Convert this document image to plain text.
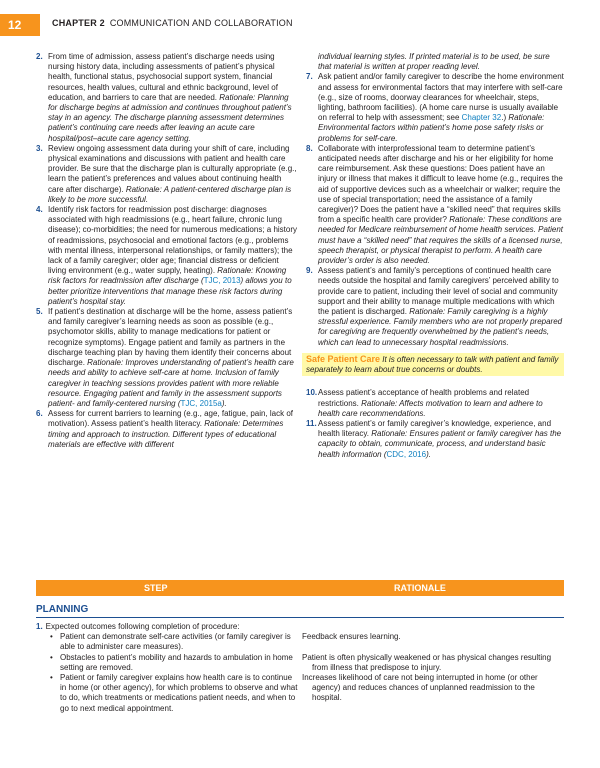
12	CHAPTER 2 COMMUNICATION AND COLLABORATION
2. From time of admission, assess patient’s discharge needs using nursing history data, including assessments of patient’s physical health, functional status, psychosocial support system, financial resources, health values, cultural and ethnic background, level of education, and barriers to care that are needed. Rationale: Planning for discharge begins at admission and continues throughout patient’s stay in an agency. The discharge planning assessment determines patient’s continuing care needs after leaving an acute care hospital/post–acute care agency setting.
3. Review ongoing assessment data during your shift of care, including physical examinations and discussions with patient and health care provider. Be sure that the discharge plan is culturally appropriate (e.g., learn the patient’s preferences and values about continuing health care after discharge). Rationale: A patient-centered discharge plan is likely to be more successful.
4. Identify risk factors for readmission post discharge: diagnoses associated with high readmissions (e.g., heart failure, chronic lung disease); co-morbidities; the need for numerous medications; a history of readmissions, psychosocial and emotional factors (e.g., problems with mental illness, interpersonal relationships, or family matters); the lack of a family caregiver; older age; financial distress or deficient living environment (e.g., water supply, heating). Rationale: Knowing risk factors for readmission after discharge (TJC, 2013) allows you to better prioritize interventions that manage these risk factors during patient’s hospital stay.
5. If patient’s destination at discharge will be the home, assess patient’s and family caregiver’s learning needs as soon as possible (e.g., psychomotor skills, ability to manage medications for patient or recognize symptoms). Engage patient and family as partners in the discharge teaching plan by having them identify their concerns about discharge. Rationale: Improves understanding of patient’s health care needs and ability to achieve self-care at home. Inclusion of family caregiver in teaching sessions provides patient with more reliable resource. Engaging patient and family in the assessment supports patient- and family-centered nursing (TJC, 2015a).
6. Assess for current barriers to learning (e.g., age, fatigue, pain, lack of motivation). Assess patient’s health literacy. Rationale: Determines timing and approach to instruction. Different types of educational materials are effective with different
individual learning styles. If printed material is to be used, be sure that material is written at proper reading level.
7. Ask patient and/or family caregiver to describe the home environment and assess for environmental factors that may interfere with self-care (e.g., size of rooms, doorway clearances for wheelchair, steps, lighting, bathroom facilities). (A home care nurse is usually available on referral to help with assessment; see Chapter 32.) Rationale: Environmental factors within patient’s home pose safety risks or problems for self-care.
8. Collaborate with interprofessional team to determine patient’s anticipated needs after discharge and his or her eligibility for home care reimbursement. Ask these questions: Does patient have an injury or illness that makes it difficult to leave home (e.g., requires the aid of supportive devices such as a wheelchair or walker; require the use of special transportation; need the assistance of a family caregiver)? Does the patient have a “skilled need” that requires skills from a specific health care provider? Rationale: These conditions are needed for Medicare reimbursement of home health services. Patient must have a “skilled need” that requires the skills of a licensed nurse, speech therapist, or physical therapist to perform. A health care provider’s order is also needed.
9. Assess patient’s and family’s perceptions of continued health care needs outside the hospital and family caregivers’ perceived ability to provide care to patient, including their level of social and community support and their ability to manage multiple medications with which the patient is discharged. Rationale: Family caregiving is a highly stressful experience. Family members who are not properly prepared for caregiving are frequently overwhelmed by the patient’s needs, which can lead to unnecessary hospital readmissions.
Safe Patient Care It is often necessary to talk with patient and family separately to learn about true concerns or doubts.
10. Assess patient’s acceptance of health problems and related restrictions. Rationale: Affects motivation to learn and adhere to health care recommendations.
11. Assess patient’s or family caregiver’s knowledge, experience, and health literacy. Rationale: Ensures patient or family caregiver has the capacity to obtain, communicate, process, and understand basic health information (CDC, 2016).
STEP	RATIONALE
PLANNING
1. Expected outcomes following completion of procedure:
• Patient can demonstrate self-care activities (or family caregiver is able to administer care measures).
Feedback ensures learning.
• Obstacles to patient’s mobility and hazards to ambulation in home setting are removed.
Patient is often physically weakened or has physical changes resulting from illness that predispose to injury.
• Patient or family caregiver explains how health care is to continue in home (or other agency), for which problems to observe and what to do, which treatments or medications patient needs, and when to go to next medical appointment.
Increases likelihood of care not being interrupted in home (or other agency) and reduces chances of unplanned readmission to the hospital.
